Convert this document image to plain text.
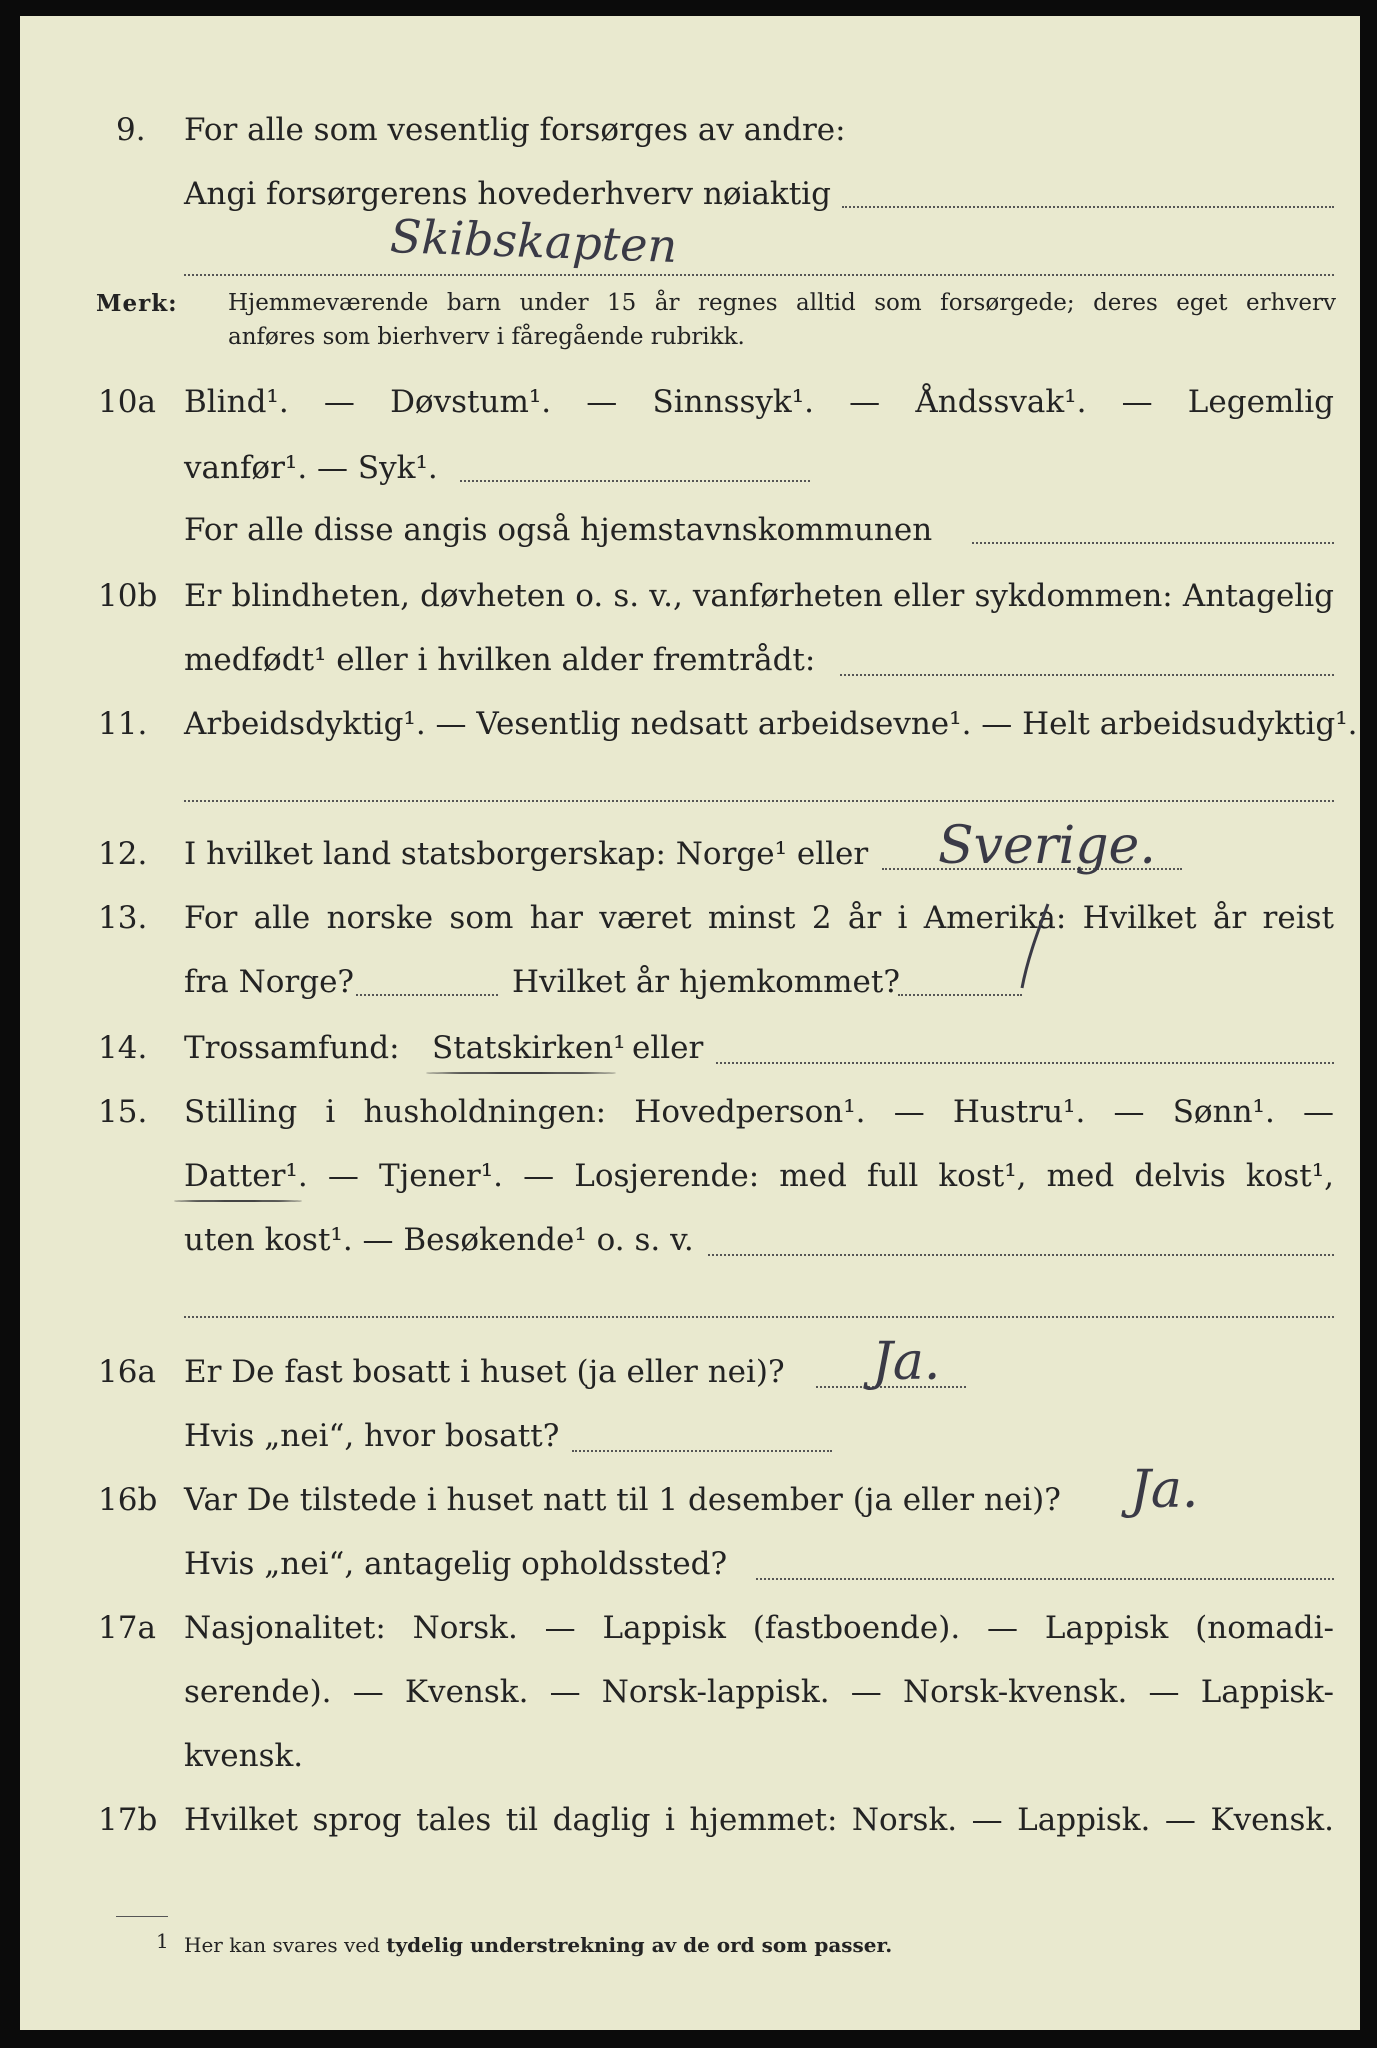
9. For alle som vesentlig forsørges av andre:
Angi forsørgerens hovederhverv nøiaktig
Skibskapten
Merk: Hjemmeværende barn under 15 år regnes alltid som forsørgede; deres eget erhverv
anføres som bierhverv i fåregående rubrikk.
10a Blind¹. — Døvstum¹. — Sinnssyk¹. — Åndssvak¹. — Legemlig
vanfør¹. — Syk¹.
For alle disse angis også hjemstavnskommunen
10b Er blindheten, døvheten o. s. v., vanførheten eller sykdommen: Antagelig
medfødt¹ eller i hvilken alder fremtrådt:
11. Arbeidsdyktig¹. — Vesentlig nedsatt arbeidsevne¹. — Helt arbeidsudyktig¹.
12. I hvilket land statsborgerskap: Norge¹ eller Sverige.
13. For alle norske som har været minst 2 år i Amerika: Hvilket år reist
fra Norge?	Hvilket år hjemkommet?
14. Trossamfund: Statskirken¹ eller
15. Stilling i husholdningen: Hovedperson¹. — Hustru¹. — Sønn¹. —
Datter¹. — Tjener¹. — Losjerende: med full kost¹, med delvis kost¹,
uten kost¹. — Besøkende¹ o. s. v.
16a Er De fast bosatt i huset (ja eller nei)? Ja.
Hvis „nei“, hvor bosatt?
16b Var De tilstede i huset natt til 1 desember (ja eller nei)? Ja.
Hvis „nei“, antagelig opholdssted?
17a Nasjonalitet: Norsk. — Lappisk (fastboende). — Lappisk (nomadi-
serende). — Kvensk. — Norsk-lappisk. — Norsk-kvensk. — Lappisk-
kvensk.
17b Hvilket sprog tales til daglig i hjemmet: Norsk. — Lappisk. — Kvensk.
1 Her kan svares ved tydelig understrekning av de ord som passer.
